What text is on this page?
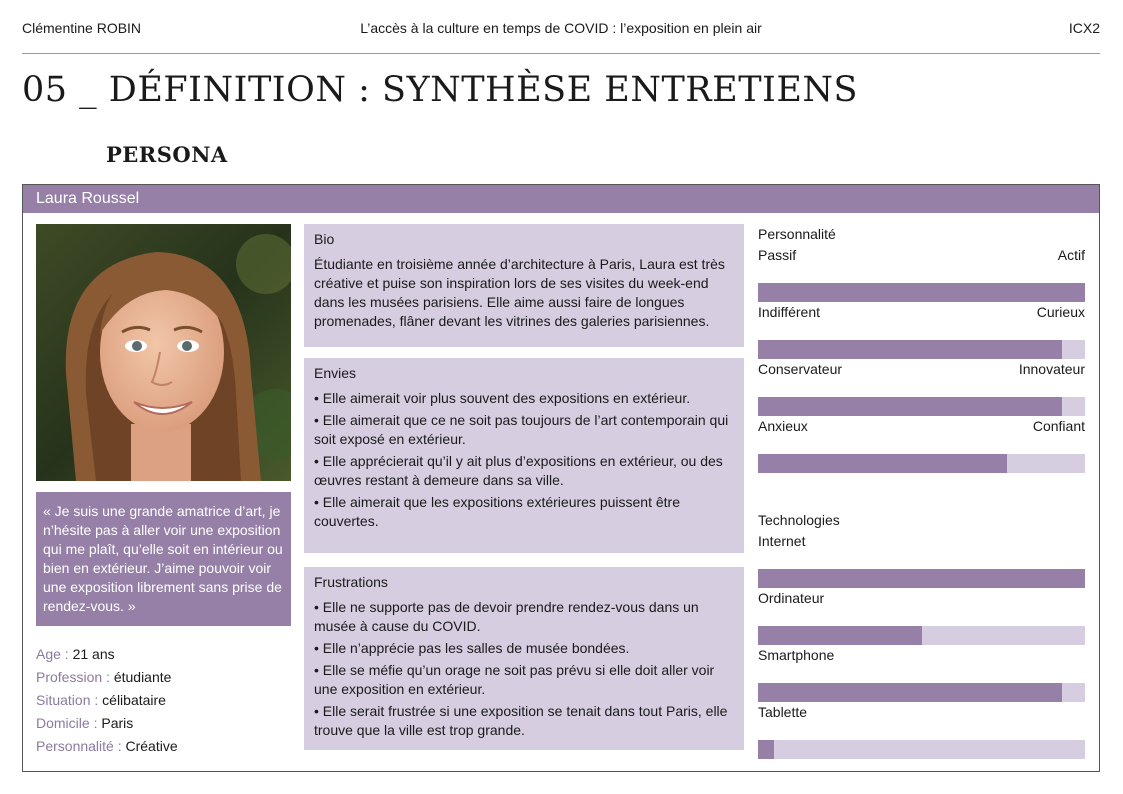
Clémentine ROBIN	L’accès à la culture en temps de COVID : l’exposition en plein air	ICX2
05 _ DÉFINITION : SYNTHÈSE ENTRETIENS
PERSONA
Laura Roussel
« Je suis une grande amatrice d’art, je n’hésite pas à aller voir une exposition qui me plaît, qu’elle soit en intérieur ou bien en extérieur. J’aime pouvoir voir une exposition librement sans prise de rendez-vous. »
Age : 21 ans
Profession : étudiante
Situation : célibataire
Domicile : Paris
Personnalité : Créative
Bio
Étudiante en troisième année d’architecture à Paris, Laura est très créative et puise son inspiration lors de ses visites du week-end dans les musées parisiens. Elle aime aussi faire de longues promenades, flâner devant les vitrines des galeries parisiennes.
Envies
• Elle aimerait voir plus souvent des expositions en extérieur.
• Elle aimerait que ce ne soit pas toujours de l’art contemporain qui soit exposé en extérieur.
• Elle apprécierait qu’il y ait plus d’expositions en extérieur, ou des œuvres restant à demeure dans sa ville.
• Elle aimerait que les expositions extérieures puissent être couvertes.
Frustrations
• Elle ne supporte pas de devoir prendre rendez-vous dans un musée à cause du COVID.
• Elle n’apprécie pas les salles de musée bondées.
• Elle se méfie qu’un orage ne soit pas prévu si elle doit aller voir une exposition en extérieur.
• Elle serait frustrée si une exposition se tenait dans tout Paris, elle trouve que la ville est trop grande.
Personnalité
Passif	Actif
Indifférent	Curieux
Conservateur	Innovateur
Anxieux	Confiant
Technologies
Internet
Ordinateur
Smartphone
Tablette
